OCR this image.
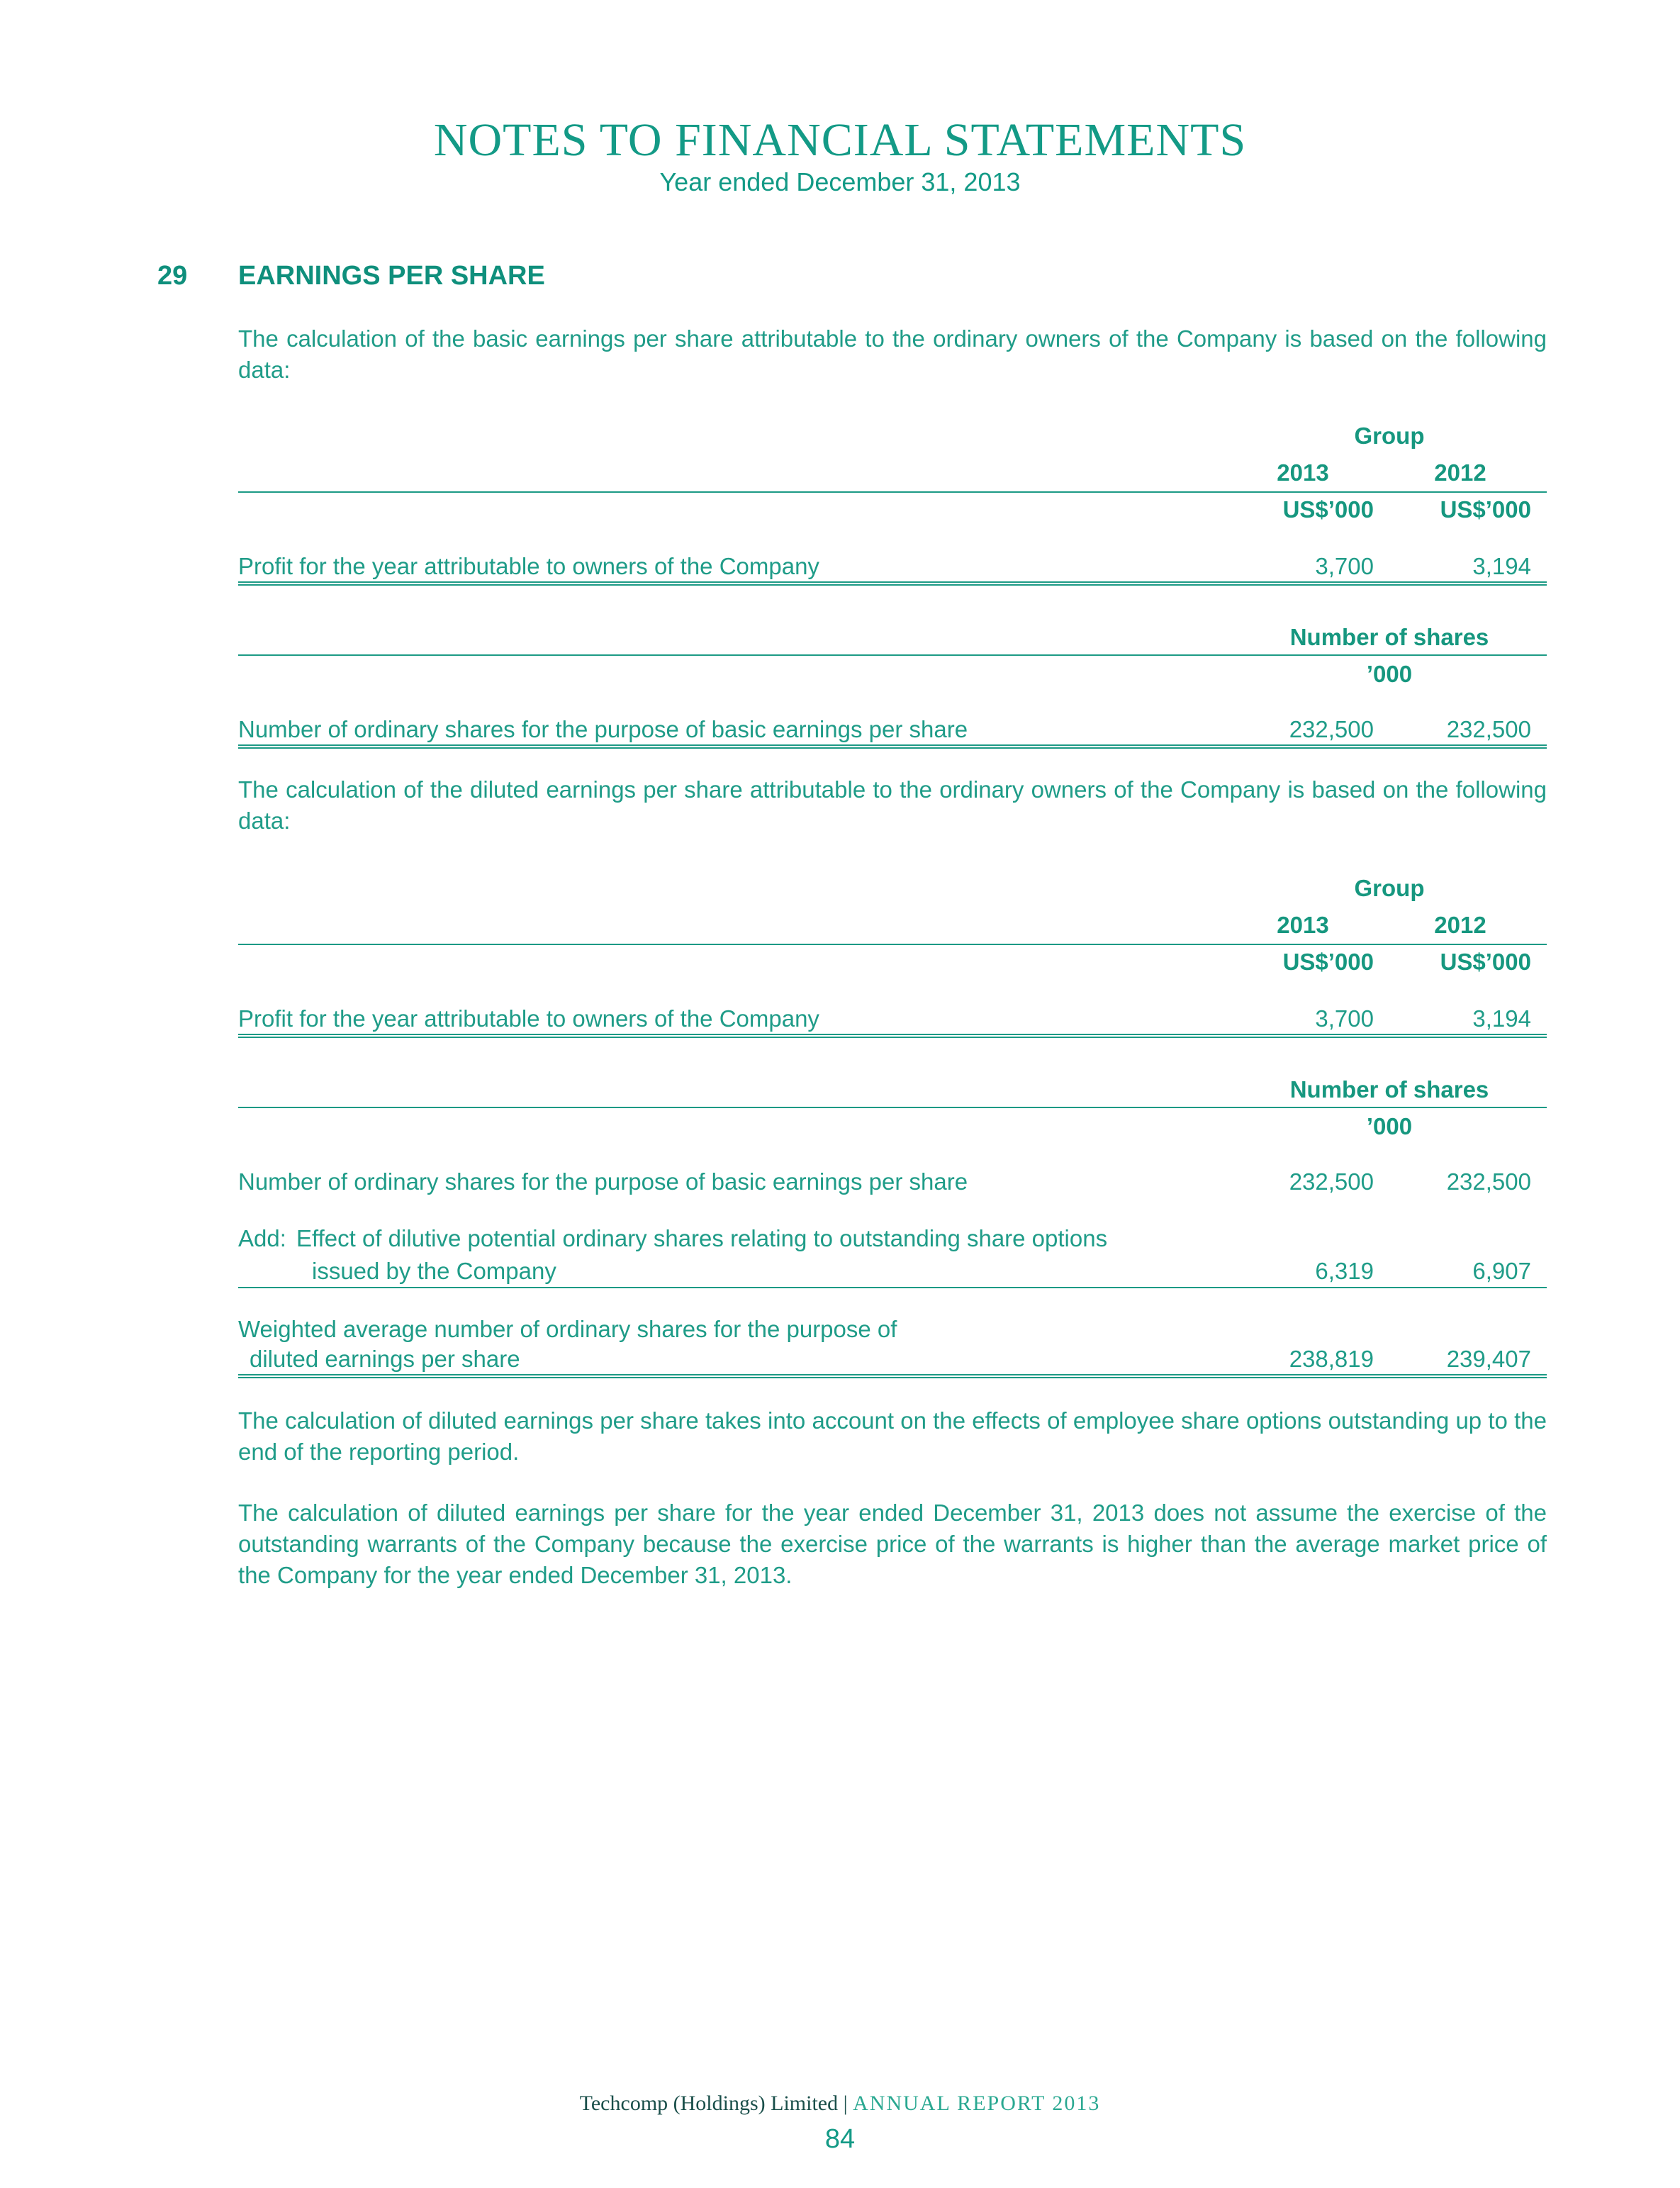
NOTES TO FINANCIAL STATEMENTS
Year ended December 31, 2013
29 EARNINGS PER SHARE
The calculation of the basic earnings per share attributable to the ordinary owners of the Company is based on the following data:
Group
2013	2012
US$’000	US$’000
Profit for the year attributable to owners of the Company	3,700	3,194
Number of shares
’000
Number of ordinary shares for the purpose of basic earnings per share	232,500	232,500
The calculation of the diluted earnings per share attributable to the ordinary owners of the Company is based on the following data:
Group
2013	2012
US$’000	US$’000
Profit for the year attributable to owners of the Company	3,700	3,194
Number of shares
’000
Number of ordinary shares for the purpose of basic earnings per share	232,500	232,500
Add: Effect of dilutive potential ordinary shares relating to outstanding share options
issued by the Company	6,319	6,907
Weighted average number of ordinary shares for the purpose of
diluted earnings per share	238,819	239,407
The calculation of diluted earnings per share takes into account on the effects of employee share options outstanding up to the end of the reporting period.
The calculation of diluted earnings per share for the year ended December 31, 2013 does not assume the exercise of the outstanding warrants of the Company because the exercise price of the warrants is higher than the average market price of the Company for the year ended December 31, 2013.
Techcomp (Holdings) Limited | ANNUAL REPORT 2013
84
